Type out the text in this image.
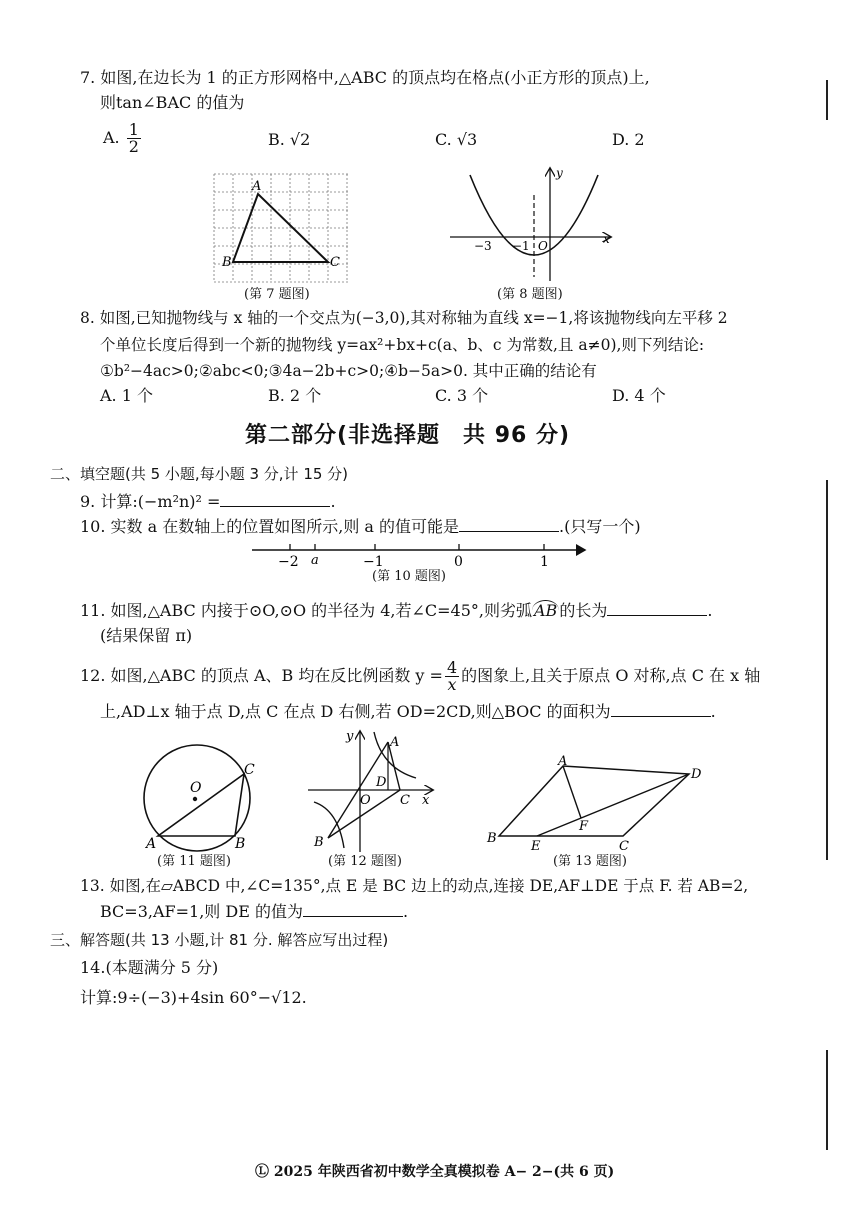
7. 如图,在边长为 1 的正方形网格中,△ABC 的顶点均在格点(小正方形的顶点)上,
则tan∠BAC 的值为
A. $\frac{1}{2}$	B. √2	C. √3	D. 2
A
B	C
(第 7 题图)
y
x
−3 −1 O
(第 8 题图)
8. 如图,已知抛物线与 x 轴的一个交点为(−3,0),其对称轴为直线 x=−1,将该抛物线向左平移 2
个单位长度后得到一个新的抛物线 y=ax²+bx+c(a、b、c 为常数,且 a≠0),则下列结论:
①b²−4ac>0;②abc<0;③4a−2b+c>0;④b−5a>0. 其中正确的结论有
A. 1 个	B. 2 个	C. 3 个	D. 4 个
第二部分(非选择题　共 96 分)
二、填空题(共 5 小题,每小题 3 分,计 15 分)
9. 计算:(−m²n)² =	.
10. 实数 a 在数轴上的位置如图所示,则 a 的值可能是	.(只写一个)
−2 a	−1	0	1
(第 10 题图)
11. 如图,△ABC 内接于⊙O,⊙O 的半径为 4,若∠C=45°,则劣弧 AB 的长为	.
(结果保留 π)
12. 如图,△ABC 的顶点 A、B 均在反比例函数 $y = \frac{4}{x}$ 的图象上,且关于原点 O 对称,点 C 在 x 轴
上,AD⊥x 轴于点 D,点 C 在点 D 右侧,若 OD=2CD,则△BOC 的面积为	.
O
A	B
C
(第 11 题图)
y
x
A
D
O C
B
(第 12 题图)
A
D
F
B
E	C
(第 13 题图)
13. 如图,在▱ABCD 中,∠C=135°,点 E 是 BC 边上的动点,连接 DE,AF⊥DE 于点 F. 若 AB=2,
BC=3,AF=1,则 DE 的值为	.
三、解答题(共 13 小题,计 81 分. 解答应写出过程)
14.(本题满分 5 分)
计算:9÷(−3)+4sin 60°−√12.
Ⓛ 2025 年陕西省初中数学全真模拟卷 A− 2−(共 6 页)
